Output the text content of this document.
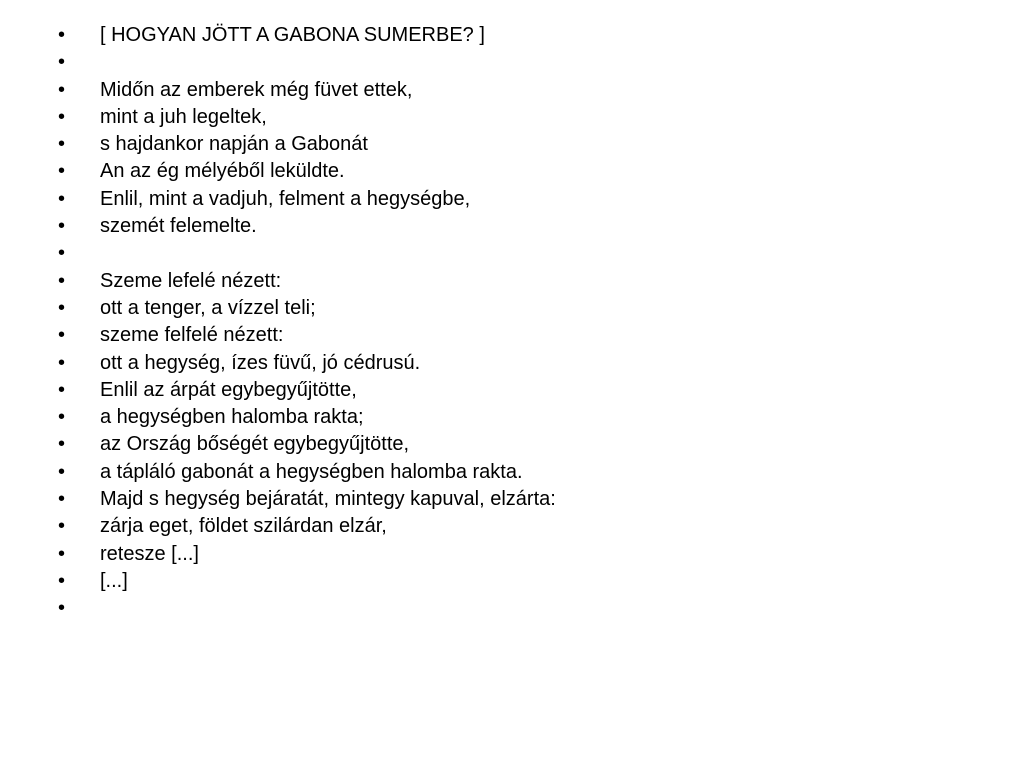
•	[ HOGYAN JÖTT A GABONA SUMERBE? ]
•
•	Midőn az emberek még füvet ettek,
•	mint a juh legeltek,
•	s hajdankor napján a Gabonát
•	An az ég mélyéből leküldte.
•	Enlil, mint a vadjuh, felment a hegységbe,
•	szemét felemelte.
•
•	Szeme lefelé nézett:
•	ott a tenger, a vízzel teli;
•	szeme felfelé nézett:
•	ott a hegység, ízes füvű, jó cédrusú.
•	Enlil az árpát egybegyűjtötte,
•	a hegységben halomba rakta;
•	az Ország bőségét egybegyűjtötte,
•	a tápláló gabonát a hegységben halomba rakta.
•	Majd s hegység bejáratát, mintegy kapuval, elzárta:
•	zárja eget, földet szilárdan elzár,
•	retesze [...]
•	[...]
•
